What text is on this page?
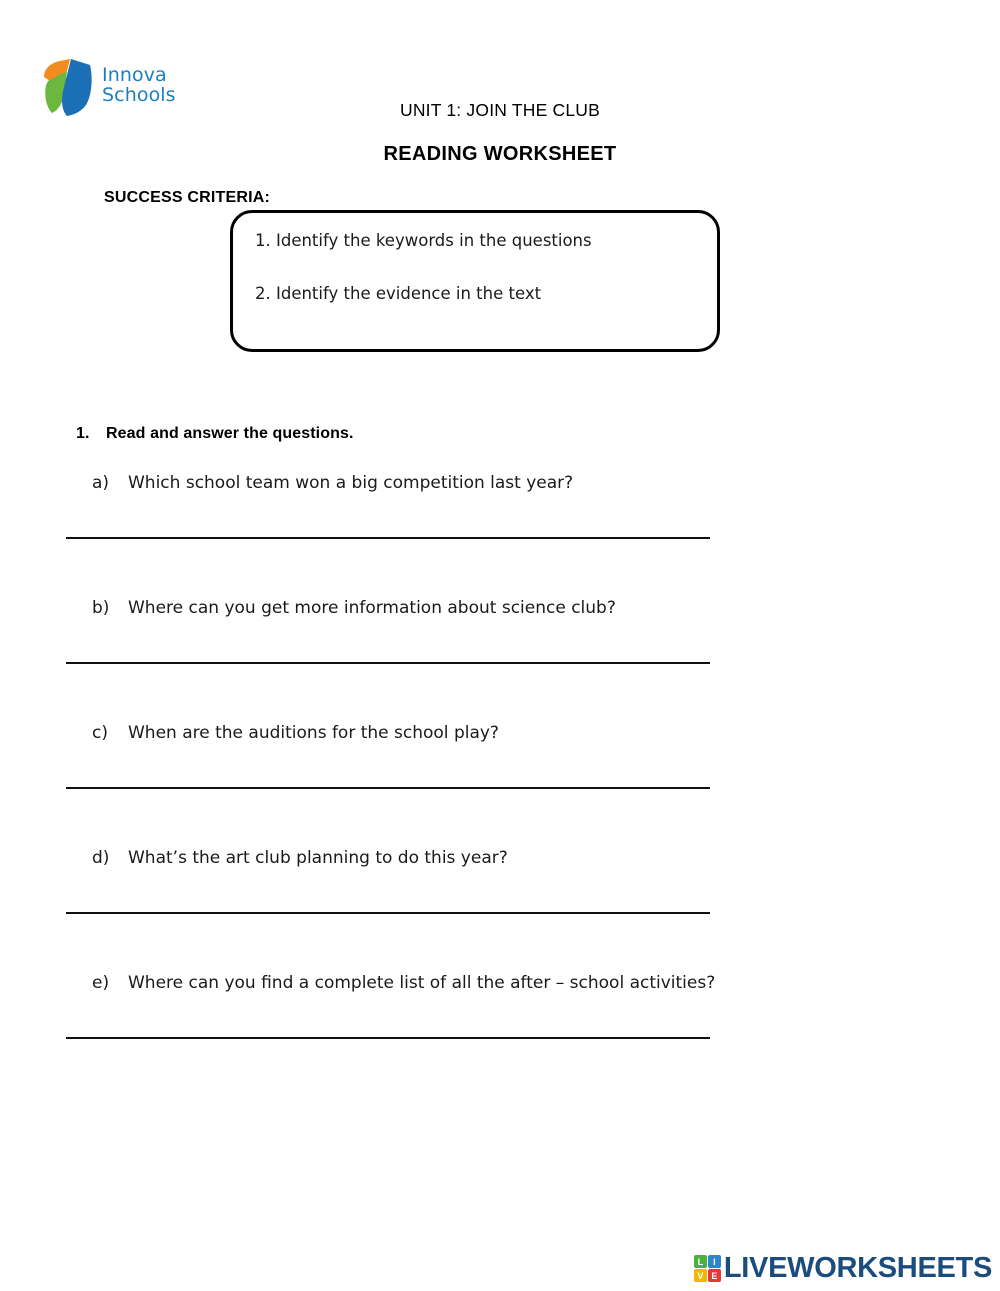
Innova
Schools
UNIT 1: JOIN THE CLUB
READING WORKSHEET
SUCCESS CRITERIA:
1. Identify the keywords in the questions
2. Identify the evidence in the text
1. Read and answer the questions.
a) Which school team won a big competition last year?
b) Where can you get more information about science club?
c) When are the auditions for the school play?
d) What’s the art club planning to do this year?
e) Where can you find a complete list of all the after – school activities?
L	I
V E LIVEWORKSHEETS
